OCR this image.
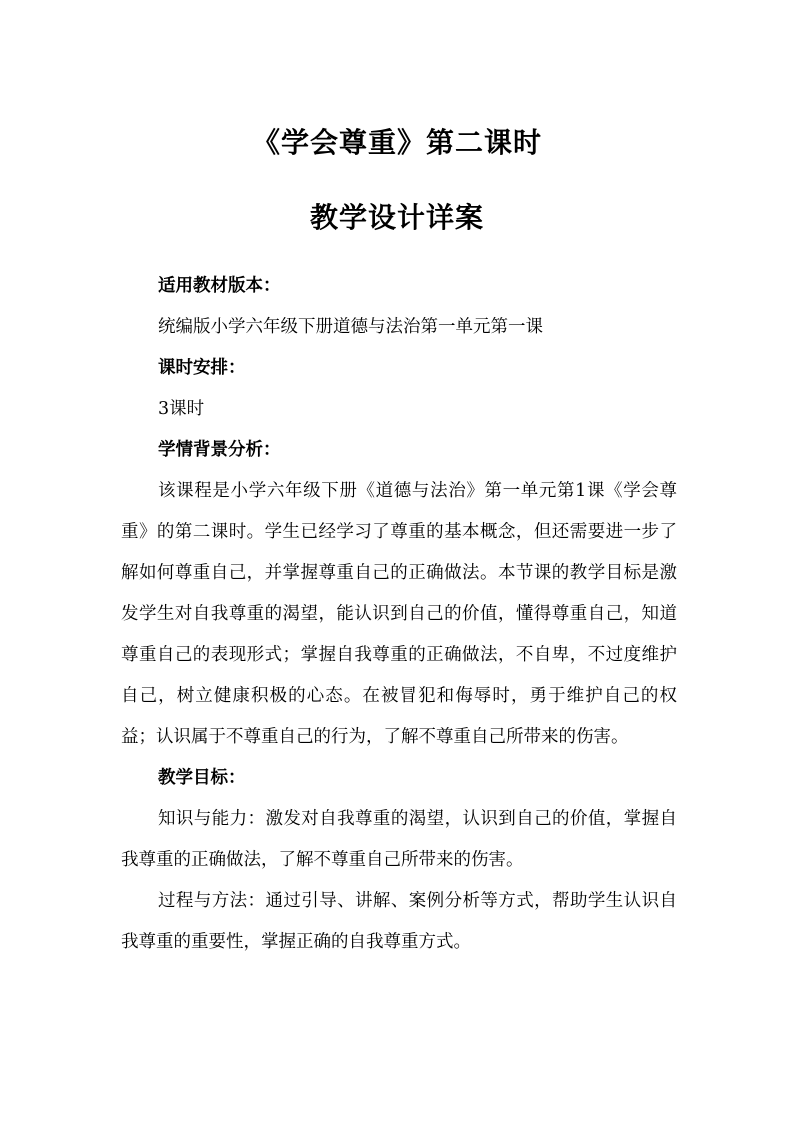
《学会尊重》第二课时
教学设计详案
适用教材版本：
统编版小学六年级下册道德与法治第一单元第一课
课时安排：
3课时
学情背景分析：

该课程是小学六年级下册《道德与法治》第一单元第1课《学会尊重》的第二课时。学生已经学习了尊重的基本概念，但还需要进一步了解如何尊重自己，并掌握尊重自己的正确做法。本节课的教学目标是激发学生对自我尊重的渴望，能认识到自己的价值，懂得尊重自己，知道尊重自己的表现形式；掌握自我尊重的正确做法，不自卑，不过度维护自己，树立健康积极的心态。在被冒犯和侮辱时，勇于维护自己的权益；认识属于不尊重自己的行为，了解不尊重自己所带来的伤害。

教学目标：

知识与能力：激发对自我尊重的渴望，认识到自己的价值，掌握自我尊重的正确做法，了解不尊重自己所带来的伤害。

过程与方法：通过引导、讲解、案例分析等方式，帮助学生认识自我尊重的重要性，掌握正确的自我尊重方式。
